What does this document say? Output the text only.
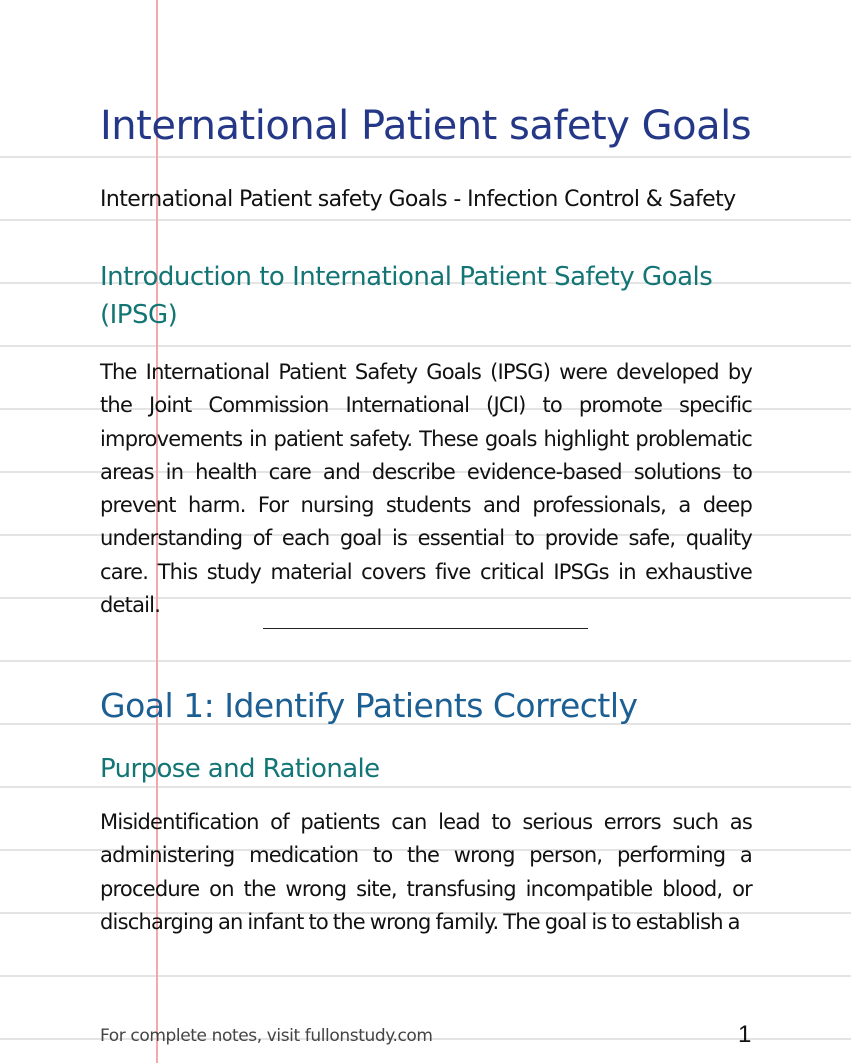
International Patient safety Goals
International Patient safety Goals - Infection Control & Safety
Introduction to International Patient Safety Goals (IPSG)

The International Patient Safety Goals (IPSG) were developed by the Joint Commission International (JCI) to promote specific improvements in patient safety. These goals highlight problematic areas in health care and describe evidence-based solutions to prevent harm. For nursing students and professionals, a deep understanding of each goal is essential to provide safe, quality care. This study material covers five critical IPSGs in exhaustive detail.

Goal 1: Identify Patients Correctly
Purpose and Rationale

Misidentification of patients can lead to serious errors such as administering medication to the wrong person, performing a procedure on the wrong site, transfusing incompatible blood, or discharging an infant to the wrong family. The goal is to establish a

For complete notes, visit fullonstudy.com	1
